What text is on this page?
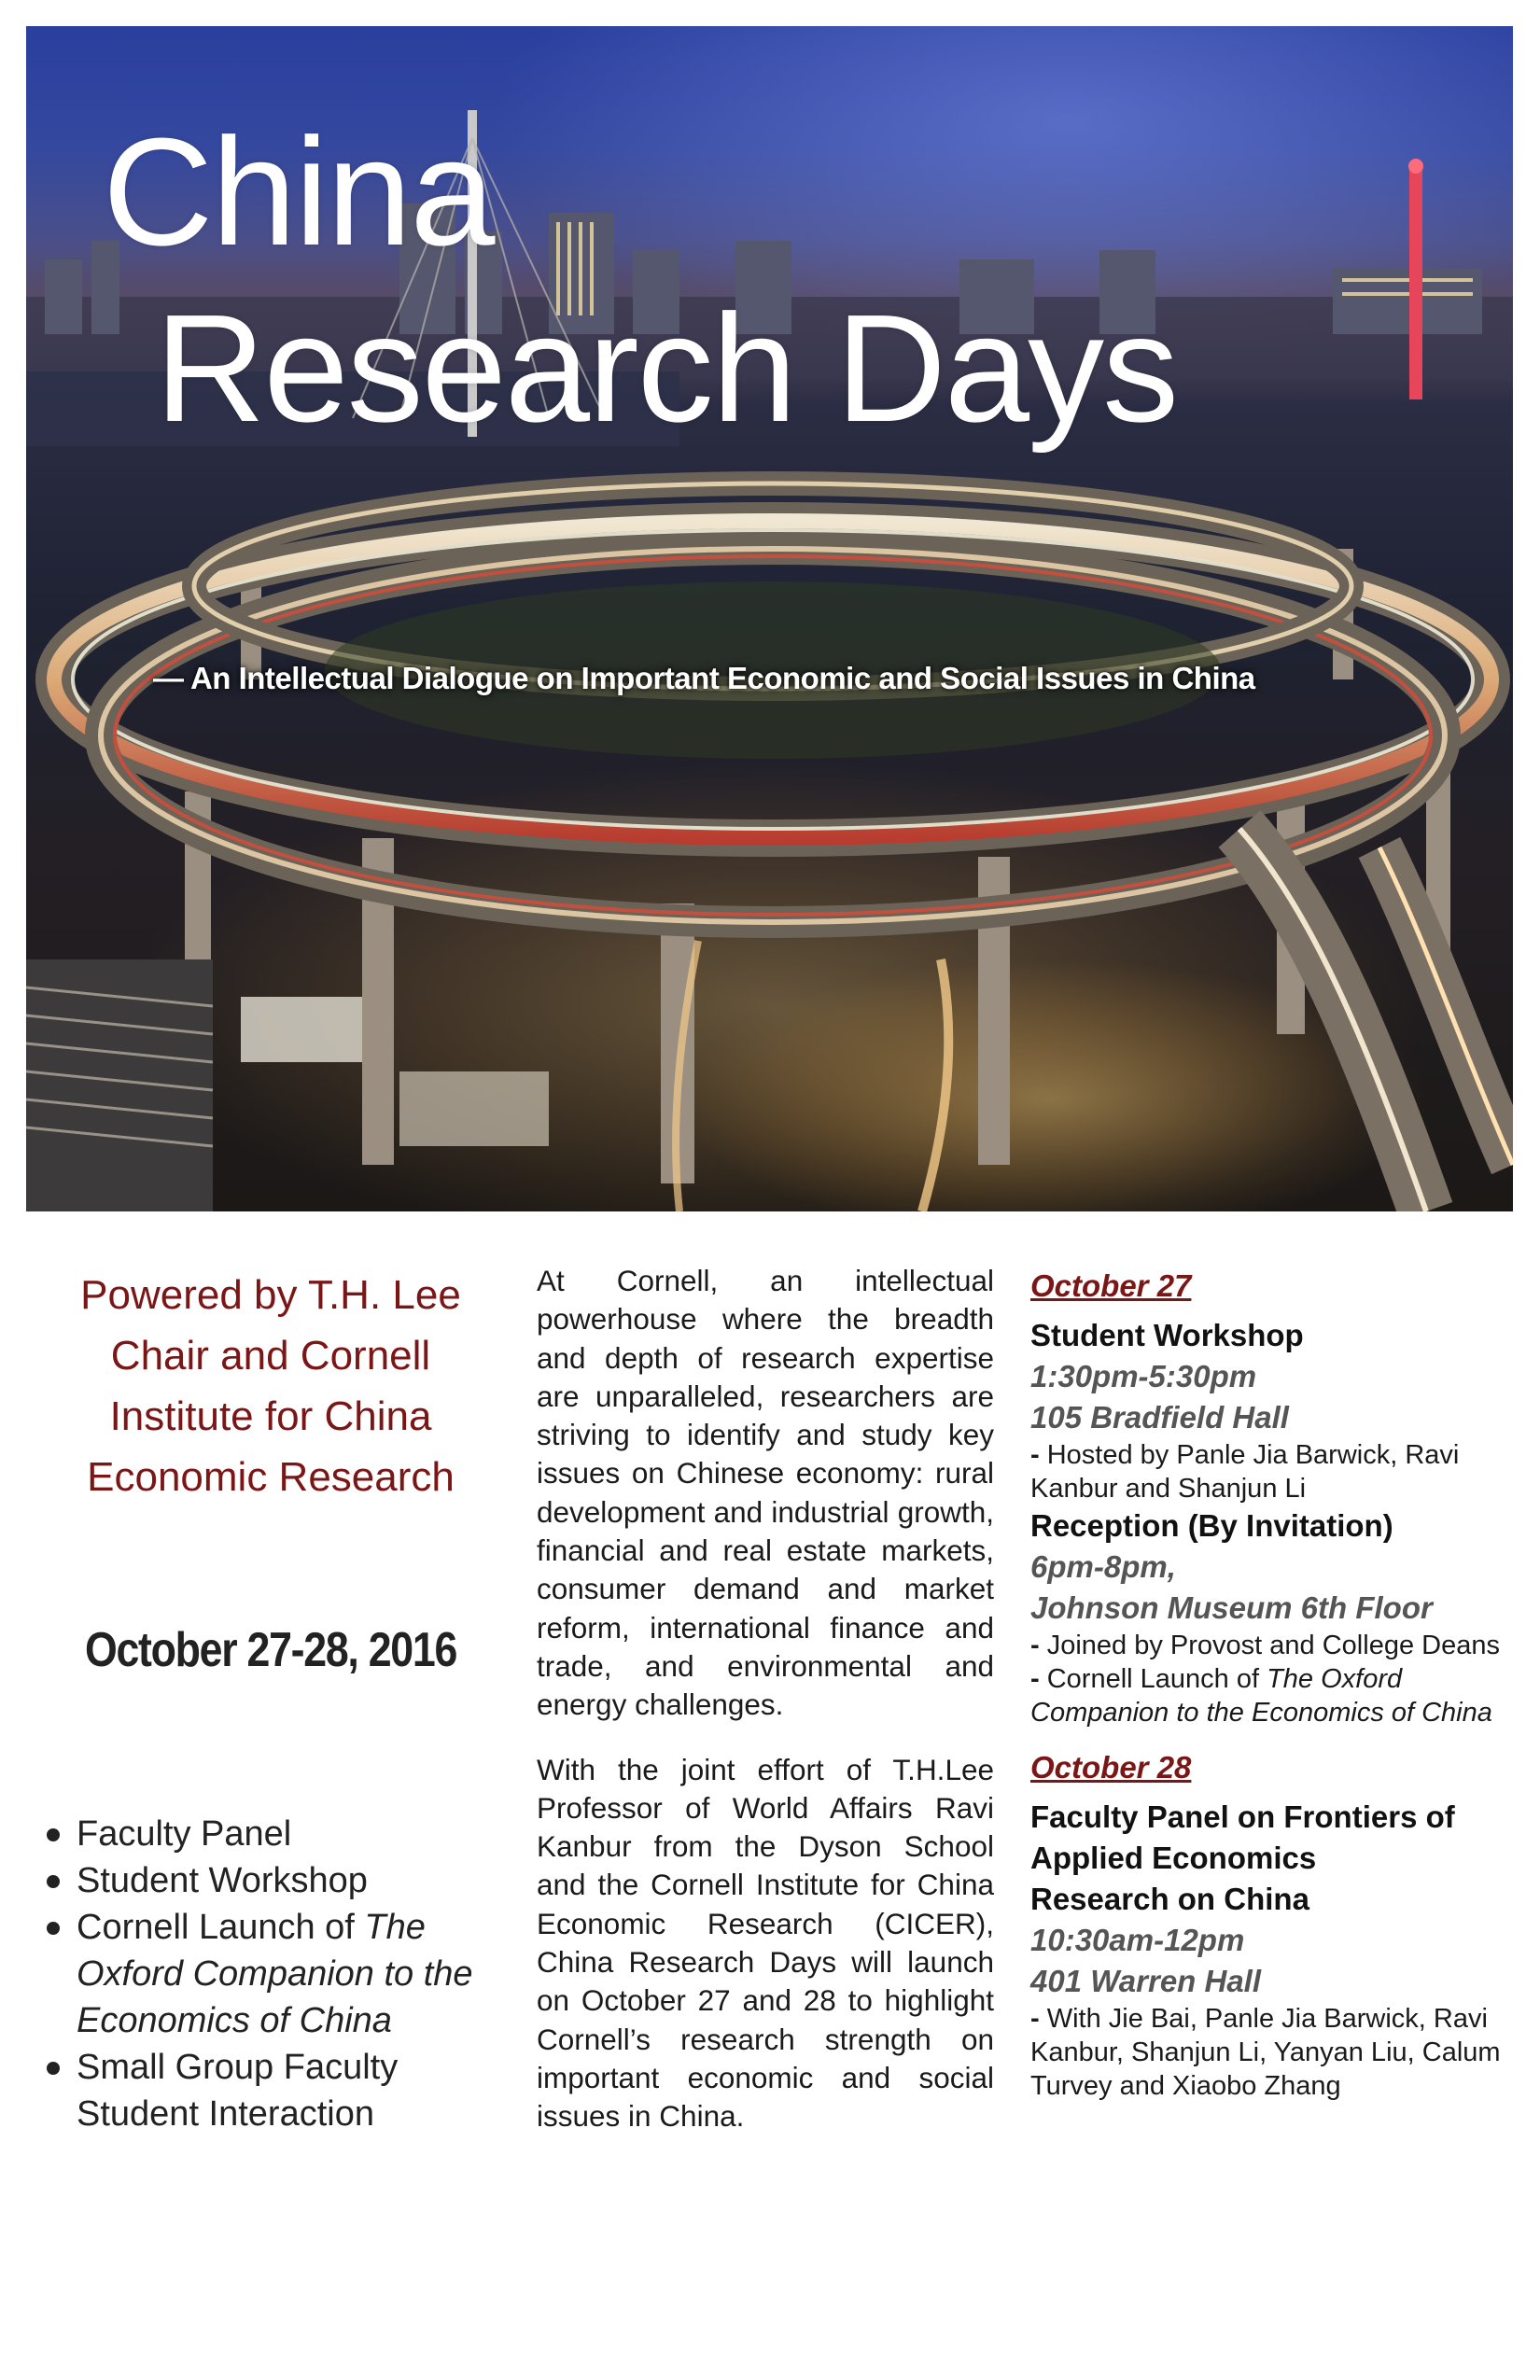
China
Research Days
— An Intellectual Dialogue on Important Economic and Social Issues in China
Powered by T.H. Lee
Chair and Cornell
Institute for China
Economic Research
October 27-28, 2016
Faculty Panel
Student Workshop
Cornell Launch of The Oxford Companion to the Economics of China
Small Group Faculty Student Interaction

At Cornell, an intellectual powerhouse where the breadth and depth of research expertise are unparalleled, researchers are striving to identify and study key issues on Chinese economy: rural development and industrial growth, financial and real estate markets, consumer demand and market reform, international finance and trade, and environmental and energy challenges.

With the joint effort of T.H.Lee Professor of World Affairs Ravi Kanbur from the Dyson School and the Cornell Institute for China Economic Research (CICER), China Research Days will launch on October 27 and 28 to highlight Cornell’s research strength on important economic and social issues in China.

October 27
Student Workshop
1:30pm-5:30pm
105 Bradfield Hall
- Hosted by Panle Jia Barwick, Ravi Kanbur and Shanjun Li
Reception (By Invitation)
6pm-8pm,
Johnson Museum 6th Floor
- Joined by Provost and College Deans
- Cornell Launch of The Oxford Companion to the Economics of China
October 28
Faculty Panel on Frontiers of
Applied Economics
Research on China
10:30am-12pm
401 Warren Hall
- With Jie Bai, Panle Jia Barwick, Ravi Kanbur, Shanjun Li, Yanyan Liu, Calum Turvey and Xiaobo Zhang
